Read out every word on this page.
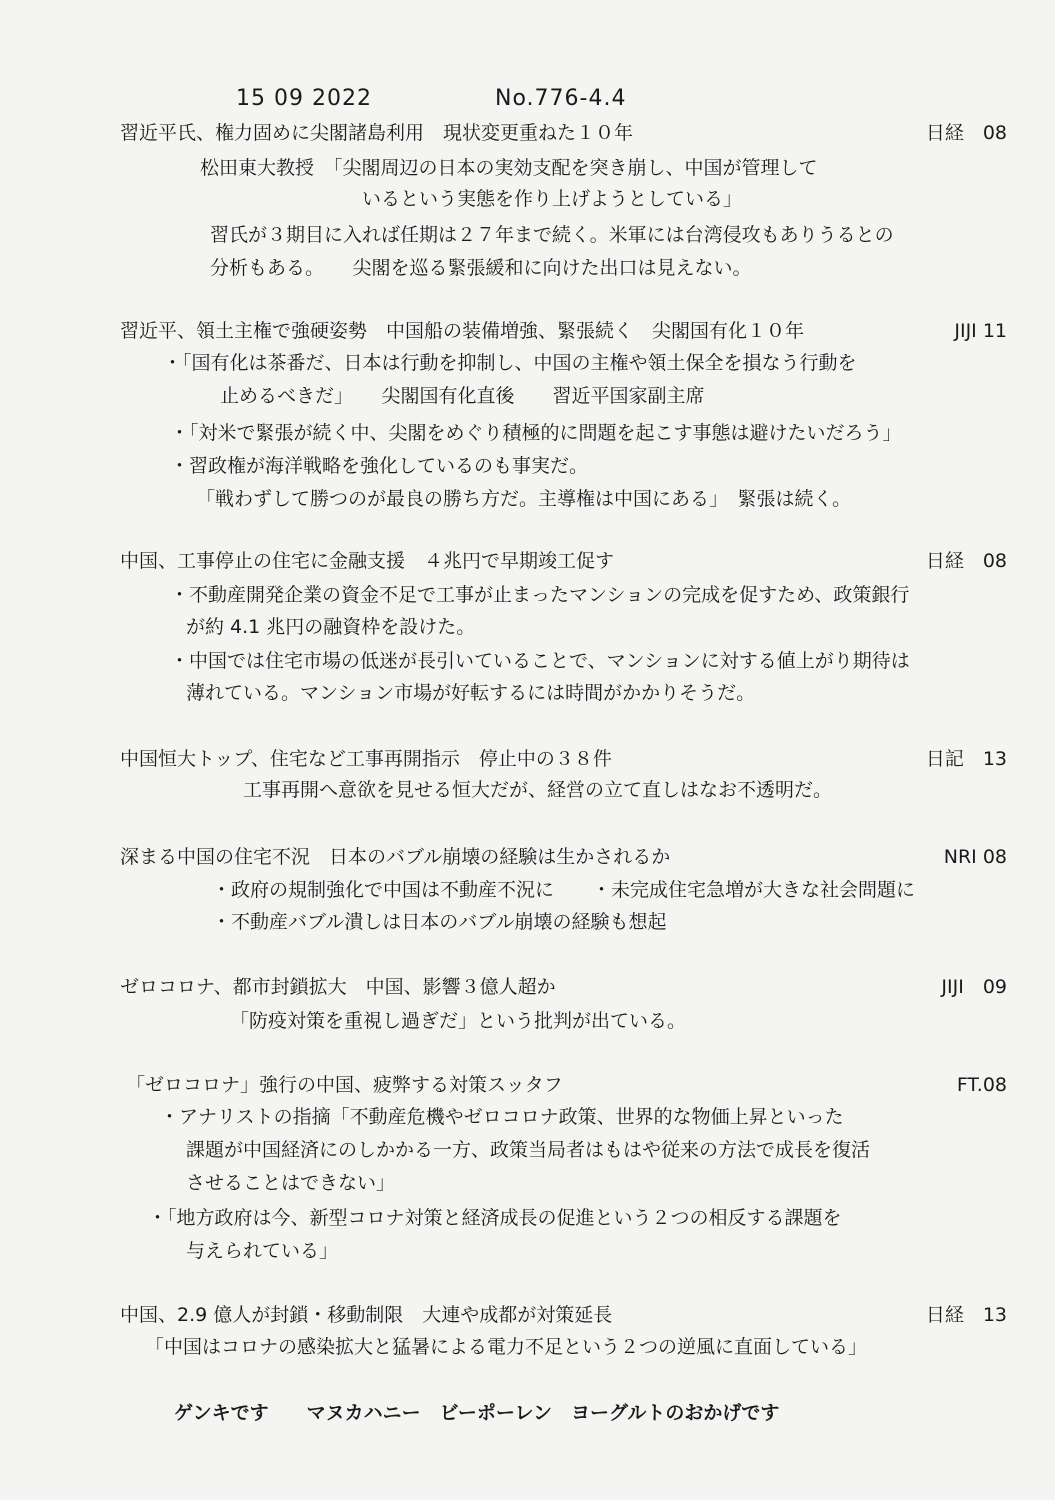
15 09 2022	No.776-4.4
習近平氏、権力固めに尖閣諸島利用　現状変更重ねた１０年	日経　08
松田東大教授　「尖閣周辺の日本の実効支配を突き崩し、中国が管理して
いるという実態を作り上げようとしている」
習氏が３期目に入れば任期は２７年まで続く。米軍には台湾侵攻もありうるとの
分析もある。　　尖閣を巡る緊張緩和に向けた出口は見えない。
習近平、領土主権で強硬姿勢　中国船の装備増強、緊張続く　尖閣国有化１０年	JIJI 11
・「国有化は茶番だ、日本は行動を抑制し、中国の主権や領土保全を損なう行動を
止めるべきだ」　　尖閣国有化直後　　習近平国家副主席
・「対米で緊張が続く中、尖閣をめぐり積極的に問題を起こす事態は避けたいだろう」
・習政権が海洋戦略を強化しているのも事実だ。
「戦わずして勝つのが最良の勝ち方だ。主導権は中国にある」　緊張は続く。
中国、工事停止の住宅に金融支援　４兆円で早期竣工促す	日経　08
・不動産開発企業の資金不足で工事が止まったマンションの完成を促すため、政策銀行
が約 4.1 兆円の融資枠を設けた。
・中国では住宅市場の低迷が長引いていることで、マンションに対する値上がり期待は
薄れている。マンション市場が好転するには時間がかかりそうだ。
中国恒大トップ、住宅など工事再開指示　停止中の３８件	日記　13
工事再開へ意欲を見せる恒大だが、経営の立て直しはなお不透明だ。
深まる中国の住宅不況　日本のバブル崩壊の経験は生かされるか	NRI 08
・政府の規制強化で中国は不動産不況に　　・未完成住宅急増が大きな社会問題に
・不動産バブル潰しは日本のバブル崩壊の経験も想起
ゼロコロナ、都市封鎖拡大　中国、影響３億人超か	JIJI　09
「防疫対策を重視し過ぎだ」という批判が出ている。
「ゼロコロナ」強行の中国、疲弊する対策スッタフ	FT.08
・アナリストの指摘「不動産危機やゼロコロナ政策、世界的な物価上昇といった
課題が中国経済にのしかかる一方、政策当局者はもはや従来の方法で成長を復活
させることはできない」
・「地方政府は今、新型コロナ対策と経済成長の促進という２つの相反する課題を
与えられている」
中国、2.9 億人が封鎖・移動制限　大連や成都が対策延長	日経　13
「中国はコロナの感染拡大と猛暑による電力不足という２つの逆風に直面している」
ゲンキです　　マヌカハニー　ビーポーレン　ヨーグルトのおかげです
